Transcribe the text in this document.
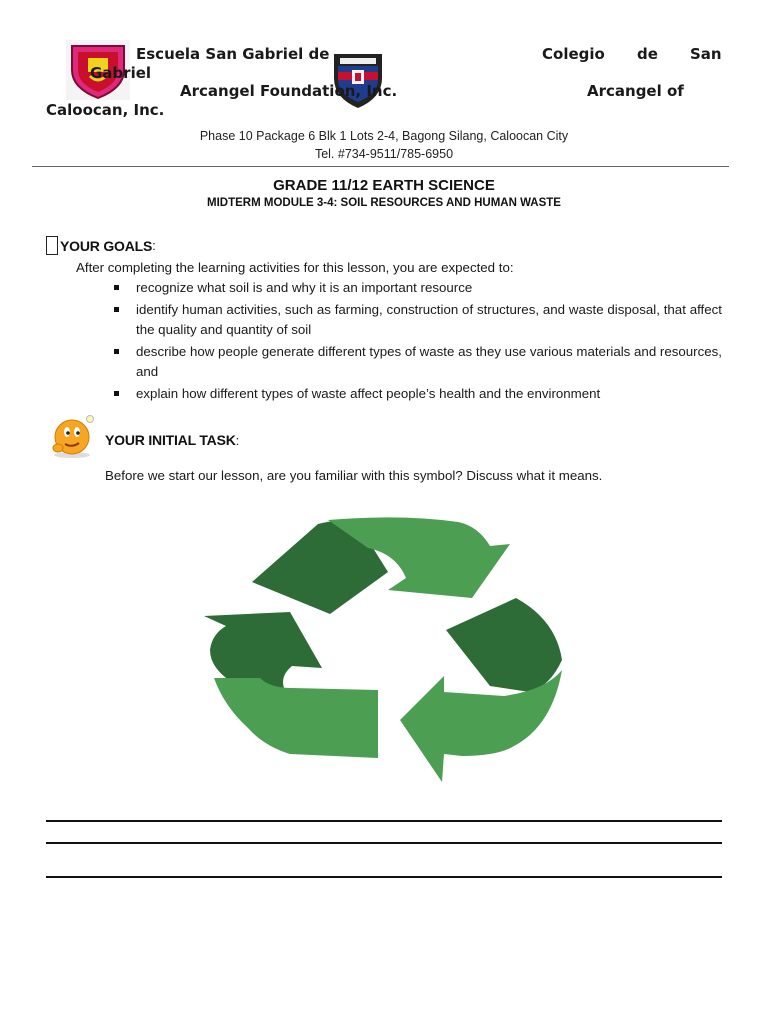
Escuela San Gabriel de
Gabriel
Colegio de San
Arcangel Foundation, Inc.	Arcangel of
Caloocan, Inc.
Phase 10 Package 6 Blk 1 Lots 2-4, Bagong Silang, Caloocan City
Tel. #734-9511/785-6950
GRADE 11/12 EARTH SCIENCE
MIDTERM MODULE 3-4: SOIL RESOURCES AND HUMAN WASTE
YOUR GOALS :
After completing the learning activities for this lesson, you are expected to:
recognize what soil is and why it is an important resource
identify human activities, such as farming, construction of structures, and waste disposal, that affect the quality and quantity of soil
describe how people generate different types of waste as they use various materials and resources, and
explain how different types of waste affect people’s health and the environment
YOUR INITIAL TASK:
Before we start our lesson, are you familiar with this symbol? Discuss what it means.
